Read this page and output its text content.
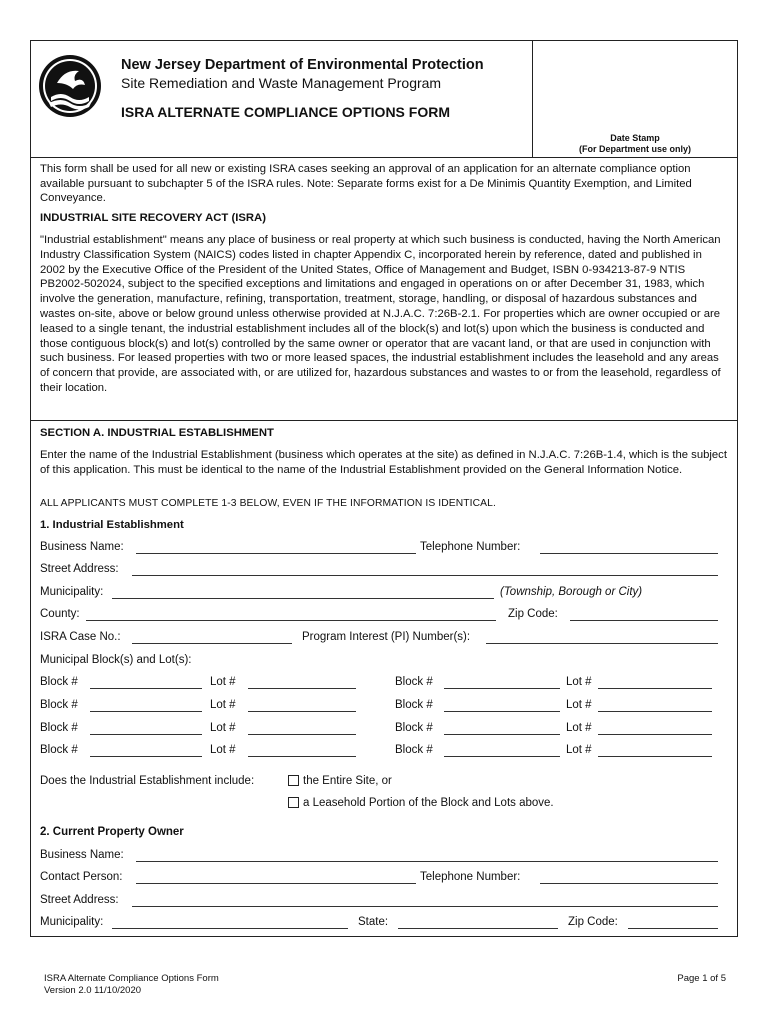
New Jersey Department of Environmental Protection
Site Remediation and Waste Management Program
ISRA ALTERNATE COMPLIANCE OPTIONS FORM
Date Stamp
(For Department use only)
This form shall be used for all new or existing ISRA cases seeking an approval of an application for an alternate compliance option available pursuant to subchapter 5 of the ISRA rules. Note: Separate forms exist for a De Minimis Quantity Exemption, and Limited Conveyance.
INDUSTRIAL SITE RECOVERY ACT (ISRA)
"Industrial establishment" means any place of business or real property at which such business is conducted, having the North American Industry Classification System (NAICS) codes listed in chapter Appendix C, incorporated herein by reference, dated and published in 2002 by the Executive Office of the President of the United States, Office of Management and Budget, ISBN 0-934213-87-9 NTIS PB2002-502024, subject to the specified exceptions and limitations and engaged in operations on or after December 31, 1983, which involve the generation, manufacture, refining, transportation, treatment, storage, handling, or disposal of hazardous substances and wastes on-site, above or below ground unless otherwise provided at N.J.A.C. 7:26B-2.1. For properties which are owner occupied or are leased to a single tenant, the industrial establishment includes all of the block(s) and lot(s) upon which the business is conducted and those contiguous block(s) and lot(s) controlled by the same owner or operator that are vacant land, or that are used in conjunction with such business. For leased properties with two or more leased spaces, the industrial establishment includes the leasehold and any areas of concern that provide, are associated with, or are utilized for, hazardous substances and wastes to or from the leasehold, regardless of their location.
SECTION A. INDUSTRIAL ESTABLISHMENT
Enter the name of the Industrial Establishment (business which operates at the site) as defined in N.J.A.C. 7:26B-1.4, which is the subject of this application. This must be identical to the name of the Industrial Establishment provided on the General Information Notice.
ALL APPLICANTS MUST COMPLETE 1-3 BELOW, EVEN IF THE INFORMATION IS IDENTICAL.
1. Industrial Establishment
Business Name:	Telephone Number:
Street Address:
Municipality:	(Township, Borough or City)
County:	Zip Code:
ISRA Case No.:	Program Interest (PI) Number(s):
Municipal Block(s) and Lot(s):
Block #	Lot #	Block #	Lot #
Block #	Lot #	Block #	Lot #
Block #	Lot #	Block #	Lot #
Block #	Lot #	Block #	Lot #
Does the Industrial Establishment include:	the Entire Site, or
a Leasehold Portion of the Block and Lots above.
2. Current Property Owner
Business Name:
Contact Person:	Telephone Number:
Street Address:
Municipality:	State:	Zip Code:
ISRA Alternate Compliance Options Form
Version 2.0 11/10/2020
Page 1 of 5
